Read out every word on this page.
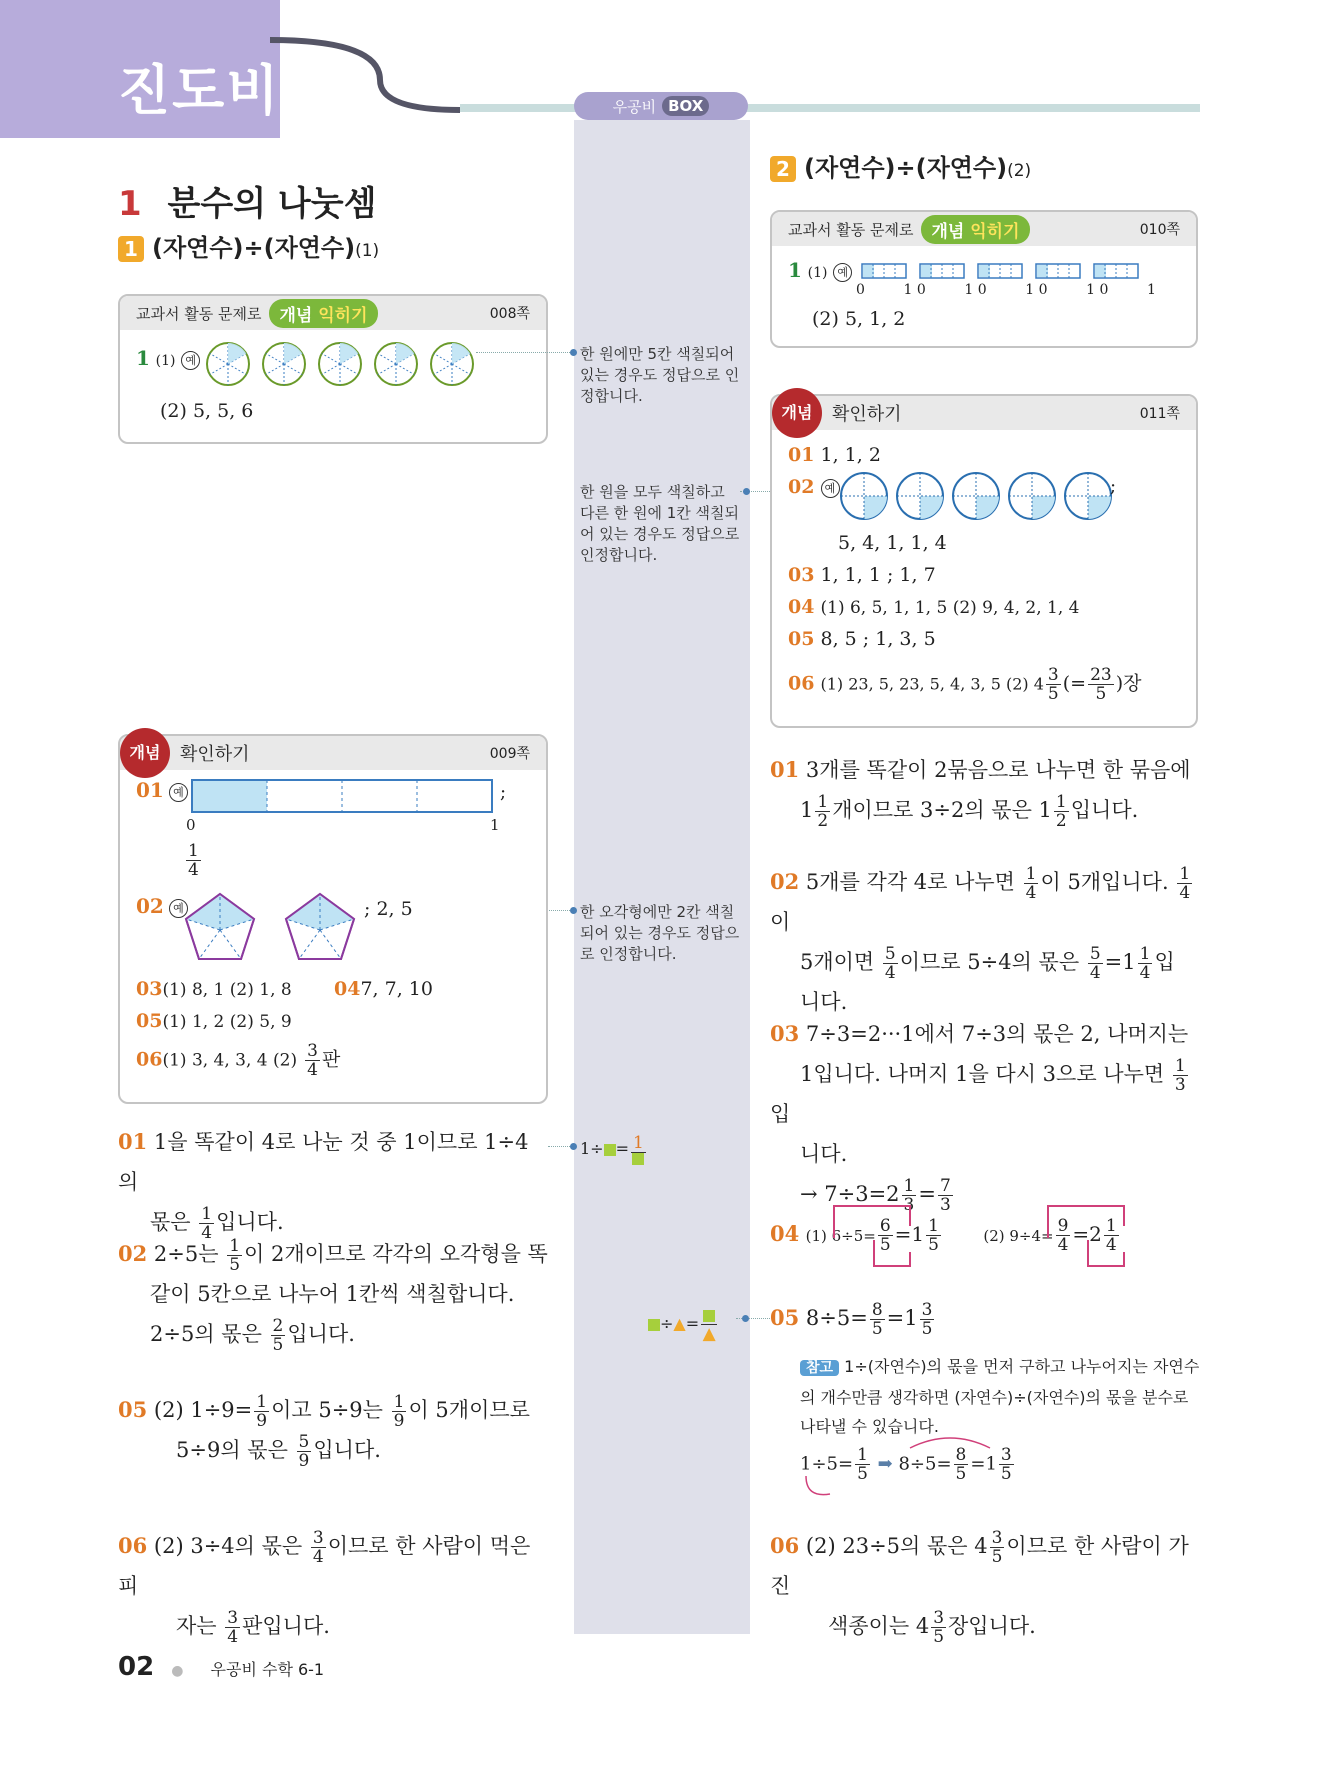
진도비법책	우공비 BOX
1 분수의 나눗셈
1 (자연수)÷(자연수)(1)
교과서 활동 문제로	개념 익히기	008쪽
1 (1) 예
(2) 5, 5, 6
한 원에만 5칸 색칠되어 있는 경우도 정답으로 인정합니다.
한 원을 모두 색칠하고 다른 한 원에 1칸 색칠되어 있는 경우도 정답으로 인정합니다.
한 오각형에만 2칸 색칠되어 있는 경우도 정답으로 인정합니다.
1÷ = 1
÷▲=
▲
개념	확인하기	009쪽
01 예	;
0	1
$\frac{1}{4}$
02 예	; 2, 5
03(1) 8, 1 (2) 1, 8 047, 7, 10
05(1) 1, 2 (2) 5, 9
06(1) 3, 4, 3, 4 $(2) \frac{3}{4}$ 판
01 1을 똑같이 4로 나눈 것 중 1이므로 1÷4의
몫은 $\frac{1}{4}$ 입니다.
02 2÷5는 $\frac{1}{5}$ 이 2개이므로 각각의 오각형을 똑
같이 5칸으로 나누어 1칸씩 색칠합니다.
2÷5의 몫은 $\frac{2}{5}$ 입니다.
05 (2) $1\div 9= \frac{1}{9}$ 이고 5÷9는 $\frac{1}{9}$ 이 5개이므로
5÷9의 몫은 $\frac{5}{9}$ 입니다.
06 (2) 3÷4의 몫은 $\frac{3}{4}$ 이므로 한 사람이 먹은 피
자는 $\frac{3}{4}$ 판입니다.
2 (자연수)÷(자연수)(2)
교과서 활동 문제로	개념 익히기	010쪽
1 (1) 예
0	1 0	1 0	1 0	1 0	1
(2) 5, 1, 2
개념	확인하기	011쪽
01 1, 1, 2
02 예	;
5, 4, 1, 1, 4
03 1, 1, 1 ; 1, 7
04 (1) 6, 5, 1, 1, 5 (2) 9, 4, 2, 1, 4
05 8, 5 ; 1, 3, 5
06 (1) 23, 5, 23, 5, 4, 3, 5 (2) $4 \frac{3}{5}$ (= $\frac{23}{5}$ )장
01 3개를 똑같이 2묶음으로 나누면 한 묶음에
$1 \frac{1}{2}$ 개이므로 3÷2의 몫은 $1 \frac{1}{2}$ 입니다.
02 5개를 각각 4로 나누면 $\frac{1}{4}$ 이 5개입니다. $\frac{1}{4}$
이
5개이면 $\frac{5}{4}$ 이므로 5÷4의 몫은 $\frac{5}{4} =1 \frac{1}{4}$ 입
니다.
03 7÷3=2···1에서 7÷3의 몫은 2, 나머지는
1입니다. 나머지 1을 다시 3으로 나누면 $\frac{1}{3}$
입
니다.
→ $7\div 3=2 \frac{1}{3} = \frac{7}{3}$
04 (1) $6\div 5= \frac{6}{5} =1 \frac{1}{5}$	(2) $9\div 4= \frac{9}{4} =2 \frac{1}{4}$
05 $8\div 5= \frac{8}{5} =1 \frac{3}{5}$
참고 1÷(자연수)의 몫을 먼저 구하고 나누어지는 자연수의 개수만큼 생각하면 (자연수)÷(자연수)의 몫을 분수로 나타낼 수 있습니다.
$1\div 5= \frac{1}{5}$ ➡ $8\div 5= \frac{8}{5} =1 \frac{3}{5}$
06 (2) 23÷5의 몫은 $4 \frac{3}{5}$ 이므로 한 사람이 가진
색종이는 $4 \frac{3}{5}$ 장입니다.
02 ● 우공비 수학 6-1
